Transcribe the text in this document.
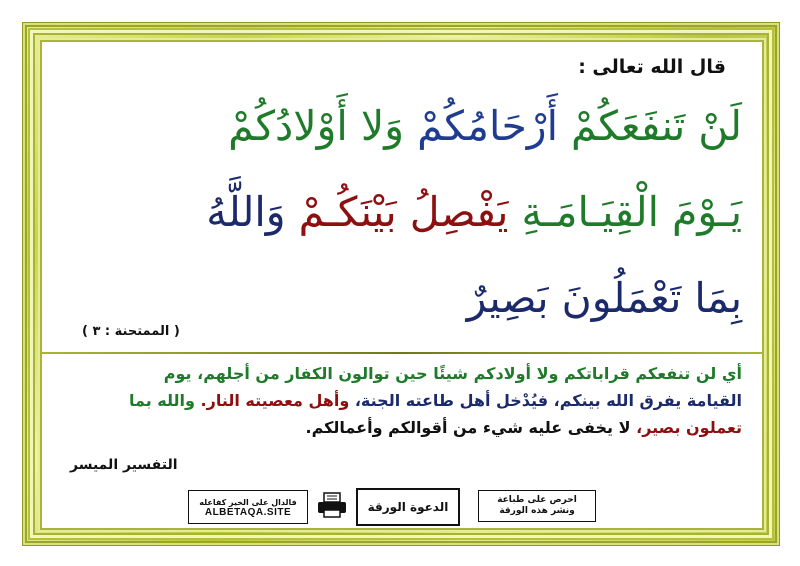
قال الله تعالى :
لَنْ تَنفَعَكُمْ أَرْحَامُكُمْ وَلا أَوْلادُكُمْ
يَـوْمَ الْقِيَـامَـةِ يَفْصِلُ بَيْنَكُـمْ وَاللَّهُ
بِمَا تَعْمَلُونَ بَصِيرٌ
( الممتحنة : ٣ )
أي لن تنفعكم قراباتكم ولا أولادكم شيئًا حين توالون الكفار من أجلهم، يوم
القيامة يفرق الله بينكم، فيُدْخل أهل طاعته الجنة، وأهل معصيته النار. والله بما
تعملون بصير، لا يخفى عليه شيء من أقوالكم وأعمالكم.
التفسير الميسر
فالدال على الخير كفاعله
ALBETAQA.SITE	الدعوة الورقة	احرص على طباعة
ونشر هذه الورقة
